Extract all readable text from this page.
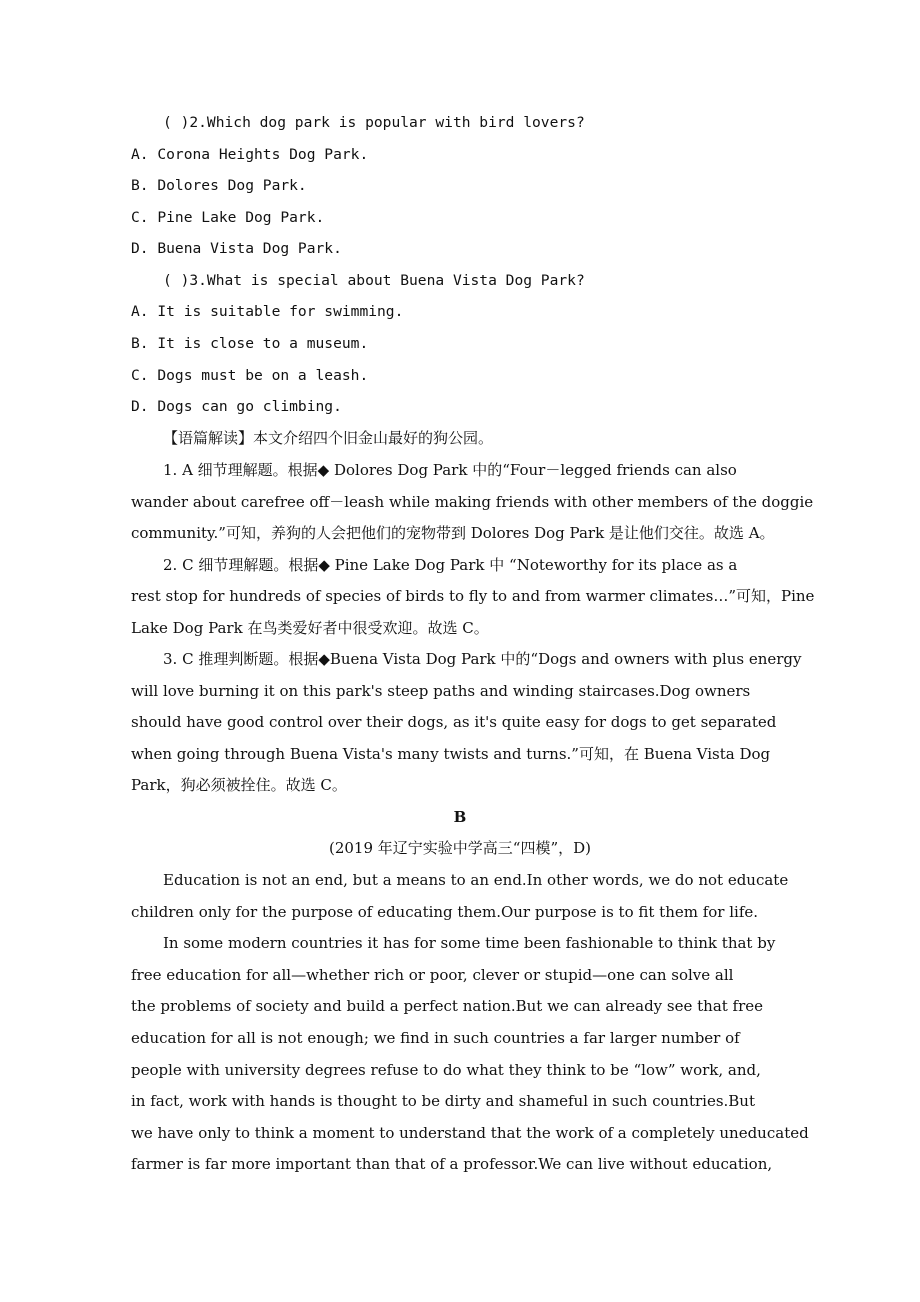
( )2.Which dog park is popular with bird lovers?
A. Corona Heights Dog Park.
B. Dolores Dog Park.
C. Pine Lake Dog Park.
D. Buena Vista Dog Park.
( )3.What is special about Buena Vista Dog Park?
A. It is suitable for swimming.
B. It is close to a museum.
C. Dogs must be on a leash.
D. Dogs can go climbing.
【语篇解读】本文介绍四个旧金山最好的狗公园。
1. A 细节理解题。根据◆ Dolores Dog Park 中的“Four－legged friends can also
wander about carefree off－leash while making friends with other members of the doggie
community.”可知，养狗的人会把他们的宠物带到 Dolores Dog Park 是让他们交往。故选 A。
2. C 细节理解题。根据◆ Pine Lake Dog Park 中 “Noteworthy for its place as a
rest stop for hundreds of species of birds to fly to and from warmer climates…”可知，Pine
Lake Dog Park 在鸟类爱好者中很受欢迎。故选 C。
3. C 推理判断题。根据◆Buena Vista Dog Park 中的“Dogs and owners with plus energy
will love burning it on this park's steep paths and winding staircases.Dog owners
should have good control over their dogs, as it's quite easy for dogs to get separated
when going through Buena Vista's many twists and turns.”可知，在 Buena Vista Dog
Park，狗必须被拴住。故选 C。
B
(2019 年辽宁实验中学高三“四模”，D)
Education is not an end, but a means to an end.In other words, we do not educate
children only for the purpose of educating them.Our purpose is to fit them for life.
In some modern countries it has for some time been fashionable to think that by
free education for all—whether rich or poor, clever or stupid—one can solve all
the problems of society and build a perfect nation.But we can already see that free
education for all is not enough; we find in such countries a far larger number of
people with university degrees refuse to do what they think to be “low” work, and,
in fact, work with hands is thought to be dirty and shameful in such countries.But
we have only to think a moment to understand that the work of a completely uneducated
farmer is far more important than that of a professor.We can live without education,
